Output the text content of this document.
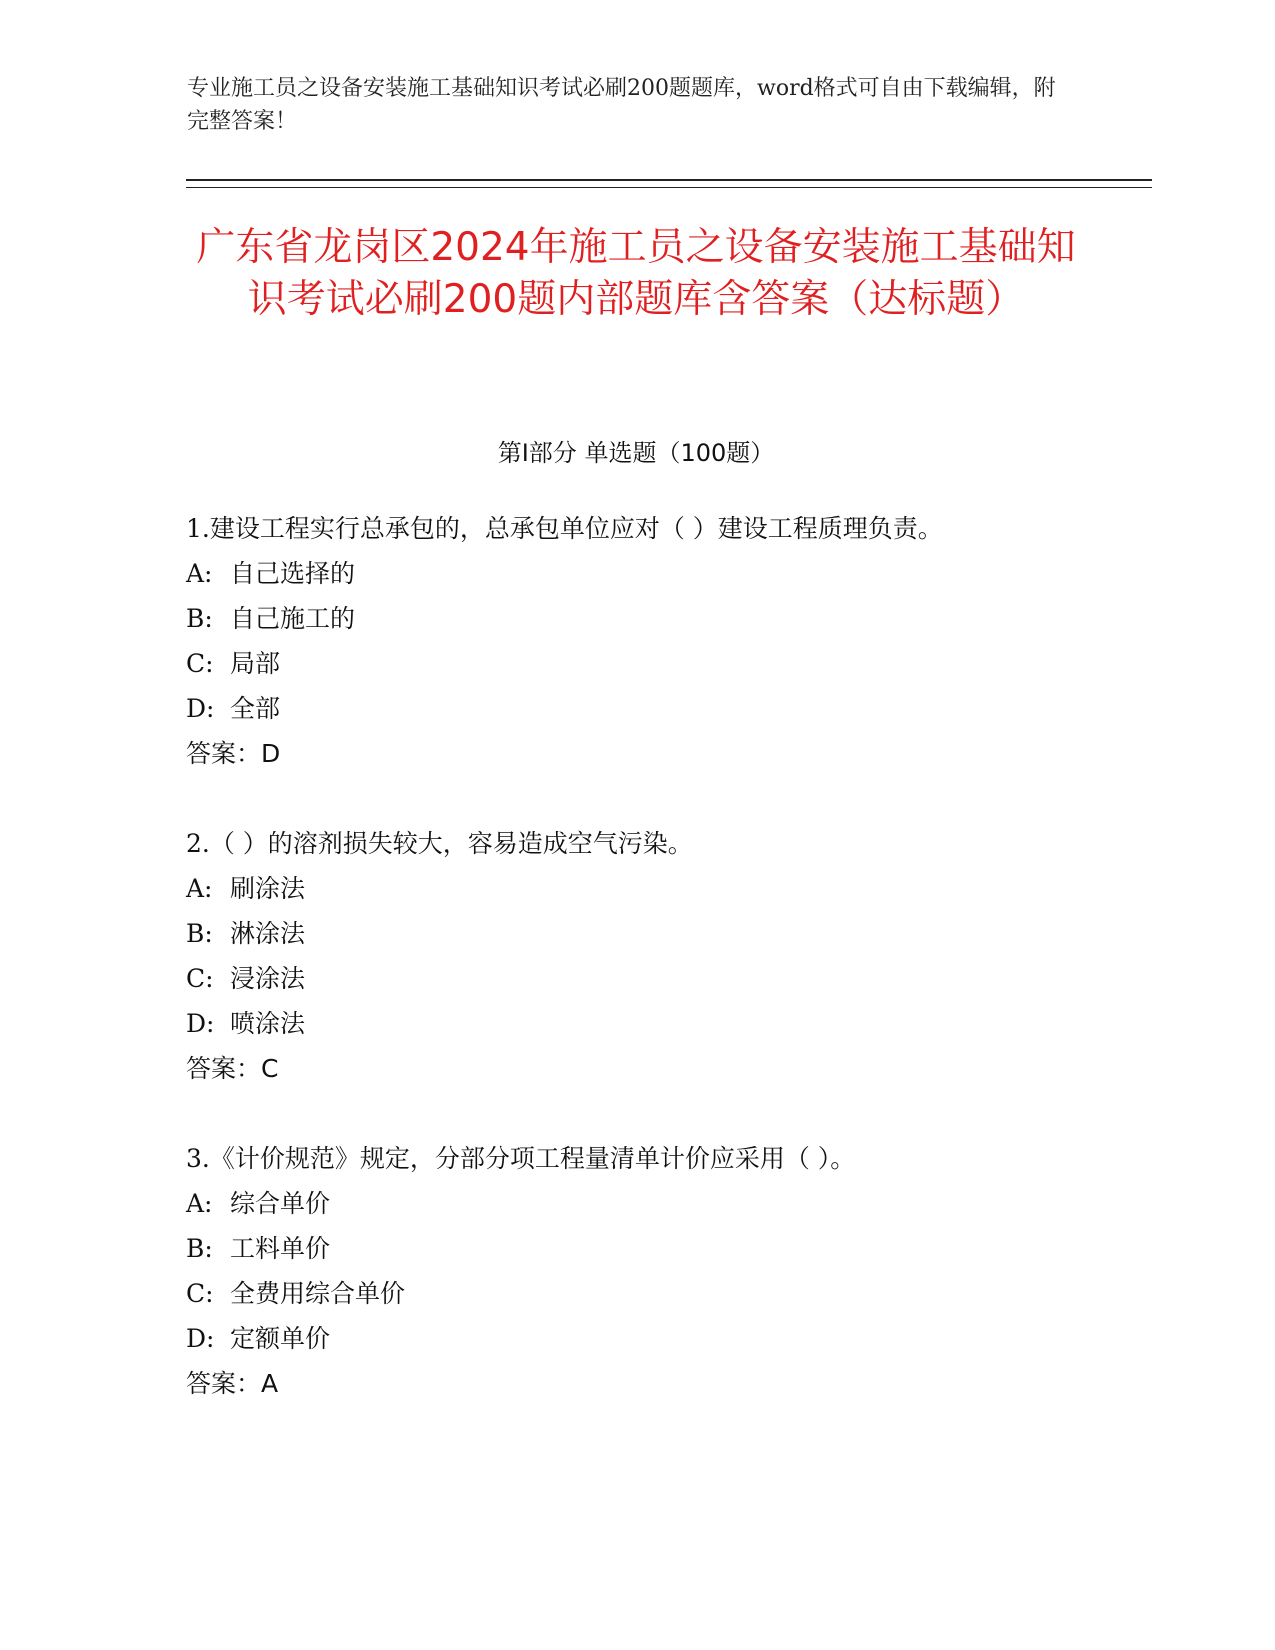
专业施工员之设备安装施工基础知识考试必刷200题题库，word格式可自由下载编辑，附完整答案！
广东省龙岗区2024年施工员之设备安装施工基础知识考试必刷200题内部题库含答案（达标题）
第Ⅰ部分 单选题（100题）
1.建设工程实行总承包的，总承包单位应对（ ）建设工程质理负责。
A: 自己选择的
B: 自己施工的
C: 局部
D: 全部
答案：D
2.（ ）的溶剂损失较大，容易造成空气污染。
A: 刷涂法
B: 淋涂法
C: 浸涂法
D: 喷涂法
答案：C
3.《计价规范》规定，分部分项工程量清单计价应采用（ ）。
A: 综合单价
B: 工料单价
C: 全费用综合单价
D: 定额单价
答案：A
